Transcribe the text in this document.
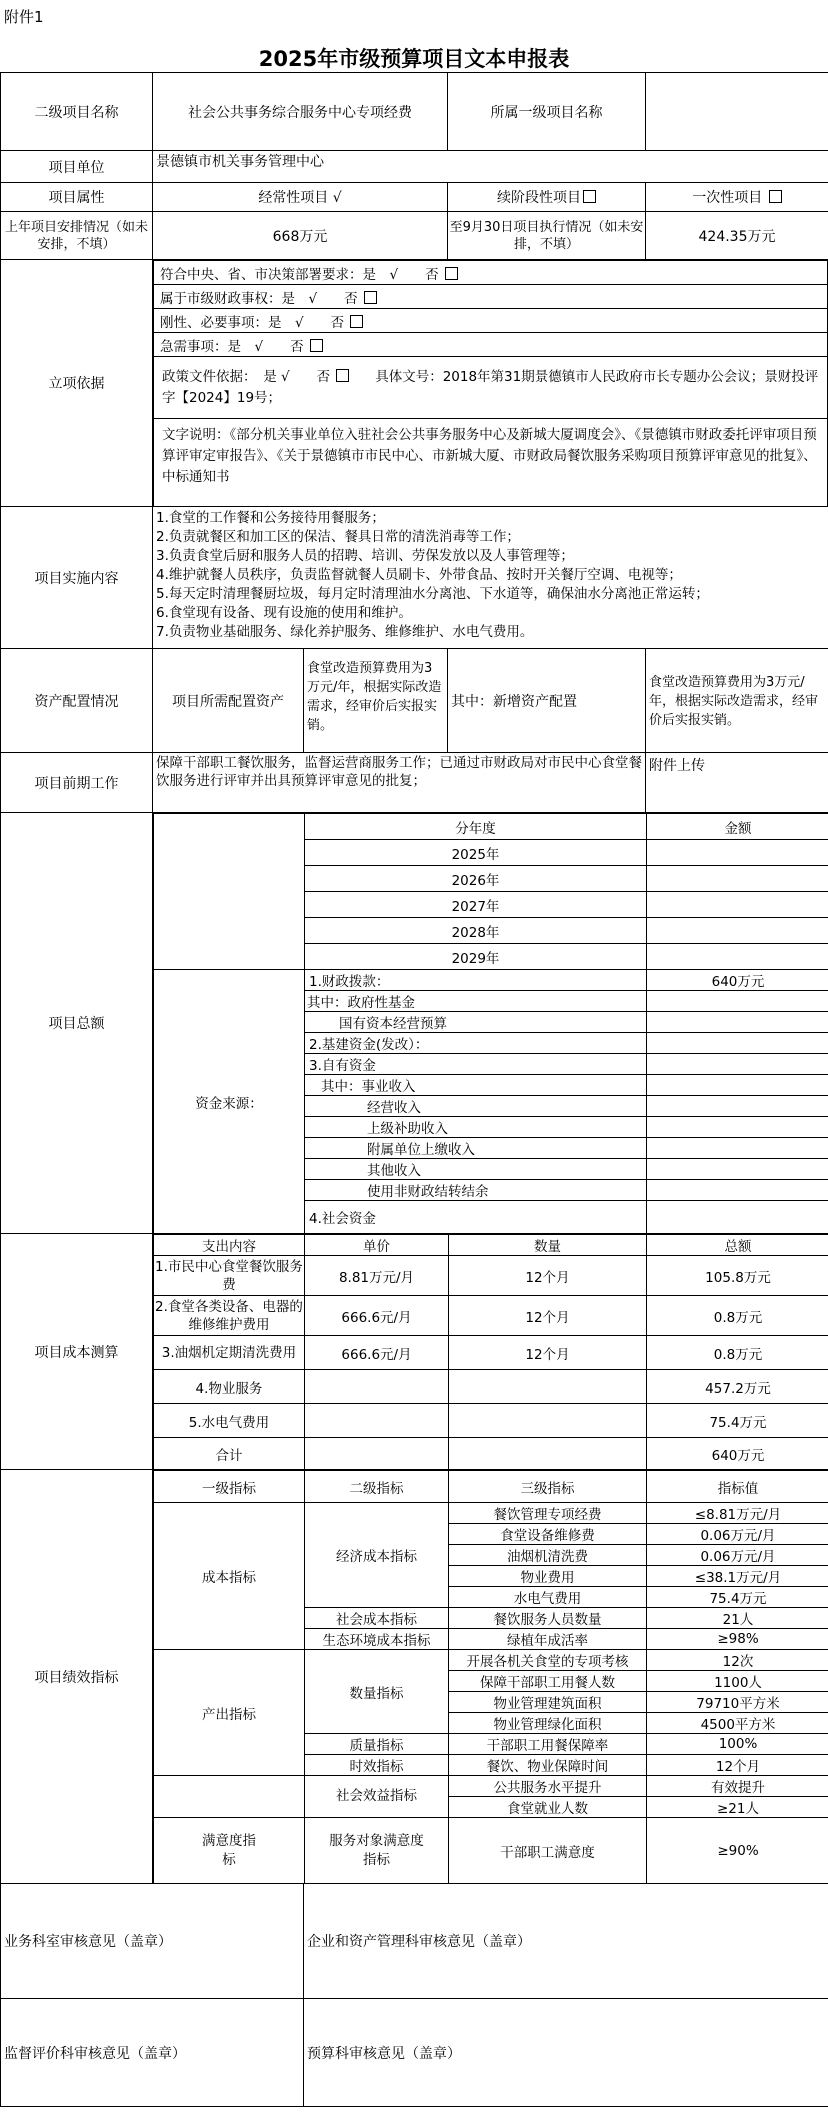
附件1
2025年市级预算项目文本申报表
二级项目名称	社会公共事务综合服务中心专项经费	所属一级项目名称	
项目单位	景德镇市机关事务管理中心
项目属性	经常性项目 √	续阶段性项目	一次性项目
上年项目安排情况（如未安排，不填）	668万元	至9月30日项目执行情况（如未安排，不填）	424.35万元
立项依据	
符合中央、省、市决策部署要求：是　√　　否
属于市级财政事权：是　√　　否
刚性、必要事项：是　√　　否
急需事项：是　√　　否
政策文件依据：　是 √　　否	具体文号：2018年第31期景德镇市人民政府市长专题办公会议；景财投评字【2024】19号；
文字说明：《部分机关事业单位入驻社会公共事务服务中心及新城大厦调度会》、《景德镇市财政委托评审项目预算评审定审报告》、《关于景德镇市市民中心、市新城大厦、市财政局餐饮服务采购项目预算评审意见的批复》、中标通知书

项目实施内容	
1.食堂的工作餐和公务接待用餐服务；
2.负责就餐区和加工区的保洁、餐具日常的清洗消毒等工作；
3.负责食堂后厨和服务人员的招聘、培训、劳保发放以及人事管理等；
4.维护就餐人员秩序，负责监督就餐人员刷卡、外带食品、按时开关餐厅空调、电视等；
5.每天定时清理餐厨垃圾，每月定时清理油水分离池、下水道等，确保油水分离池正常运转；
6.食堂现有设备、现有设施的使用和维护。
7.负责物业基础服务、绿化养护服务、维修维护、水电气费用。

资产配置情况	项目所需配置资产	食堂改造预算费用为3万元/年，根据实际改造需求，经审价后实报实销。	其中：新增资产配置	食堂改造预算费用为3万元/年，根据实际改造需求，经审价后实报实销。
项目前期工作	保障干部职工餐饮服务，监督运营商服务工作；已通过市财政局对市民中心食堂餐饮服务进行评审并出具预算评审意见的批复；	附件上传
项目总额	
	分年度	金额
2025年	
2026年	
2027年	
2028年	
2029年	
资金来源：	1.财政拨款：	640万元
其中：政府性基金	
国有资本经营预算	
2.基建资金(发改）：	
3.自有资金	
其中：事业收入	
经营收入	
上级补助收入	
附属单位上缴收入	
其他收入	
使用非财政结转结余	
4.社会资金	

项目成本测算	
支出内容	单价	数量	总额
1.市民中心食堂餐饮服务费	8.81万元/月	12个月	105.8万元
2.食堂各类设备、电器的维修维护费用	666.6元/月	12个月	0.8万元
3.油烟机定期清洗费用	666.6元/月	12个月	0.8万元
4.物业服务			457.2万元
5.水电气费用			75.4万元
合计			640万元

项目绩效指标	
一级指标	二级指标	三级指标	指标值
成本指标	经济成本指标	餐饮管理专项经费	≤8.81万元/月
食堂设备维修费	0.06万元/月
油烟机清洗费	0.06万元/月
物业费用	≤38.1万元/月
水电气费用	75.4万元
社会成本指标	餐饮服务人员数量	21人
生态环境成本指标	绿植年成活率	≥98%
产出指标	数量指标	开展各机关食堂的专项考核	12次
保障干部职工用餐人数	1100人
物业管理建筑面积	79710平方米
物业管理绿化面积	4500平方米
质量指标	干部职工用餐保障率	100%
时效指标	餐饮、物业保障时间	12个月
	社会效益指标	公共服务水平提升	有效提升
食堂就业人数	≥21人
满意度指标	服务对象满意度指标	干部职工满意度	≥90%

业务科室审核意见（盖章）	企业和资产管理科审核意见（盖章）
监督评价科审核意见（盖章）	预算科审核意见（盖章）
